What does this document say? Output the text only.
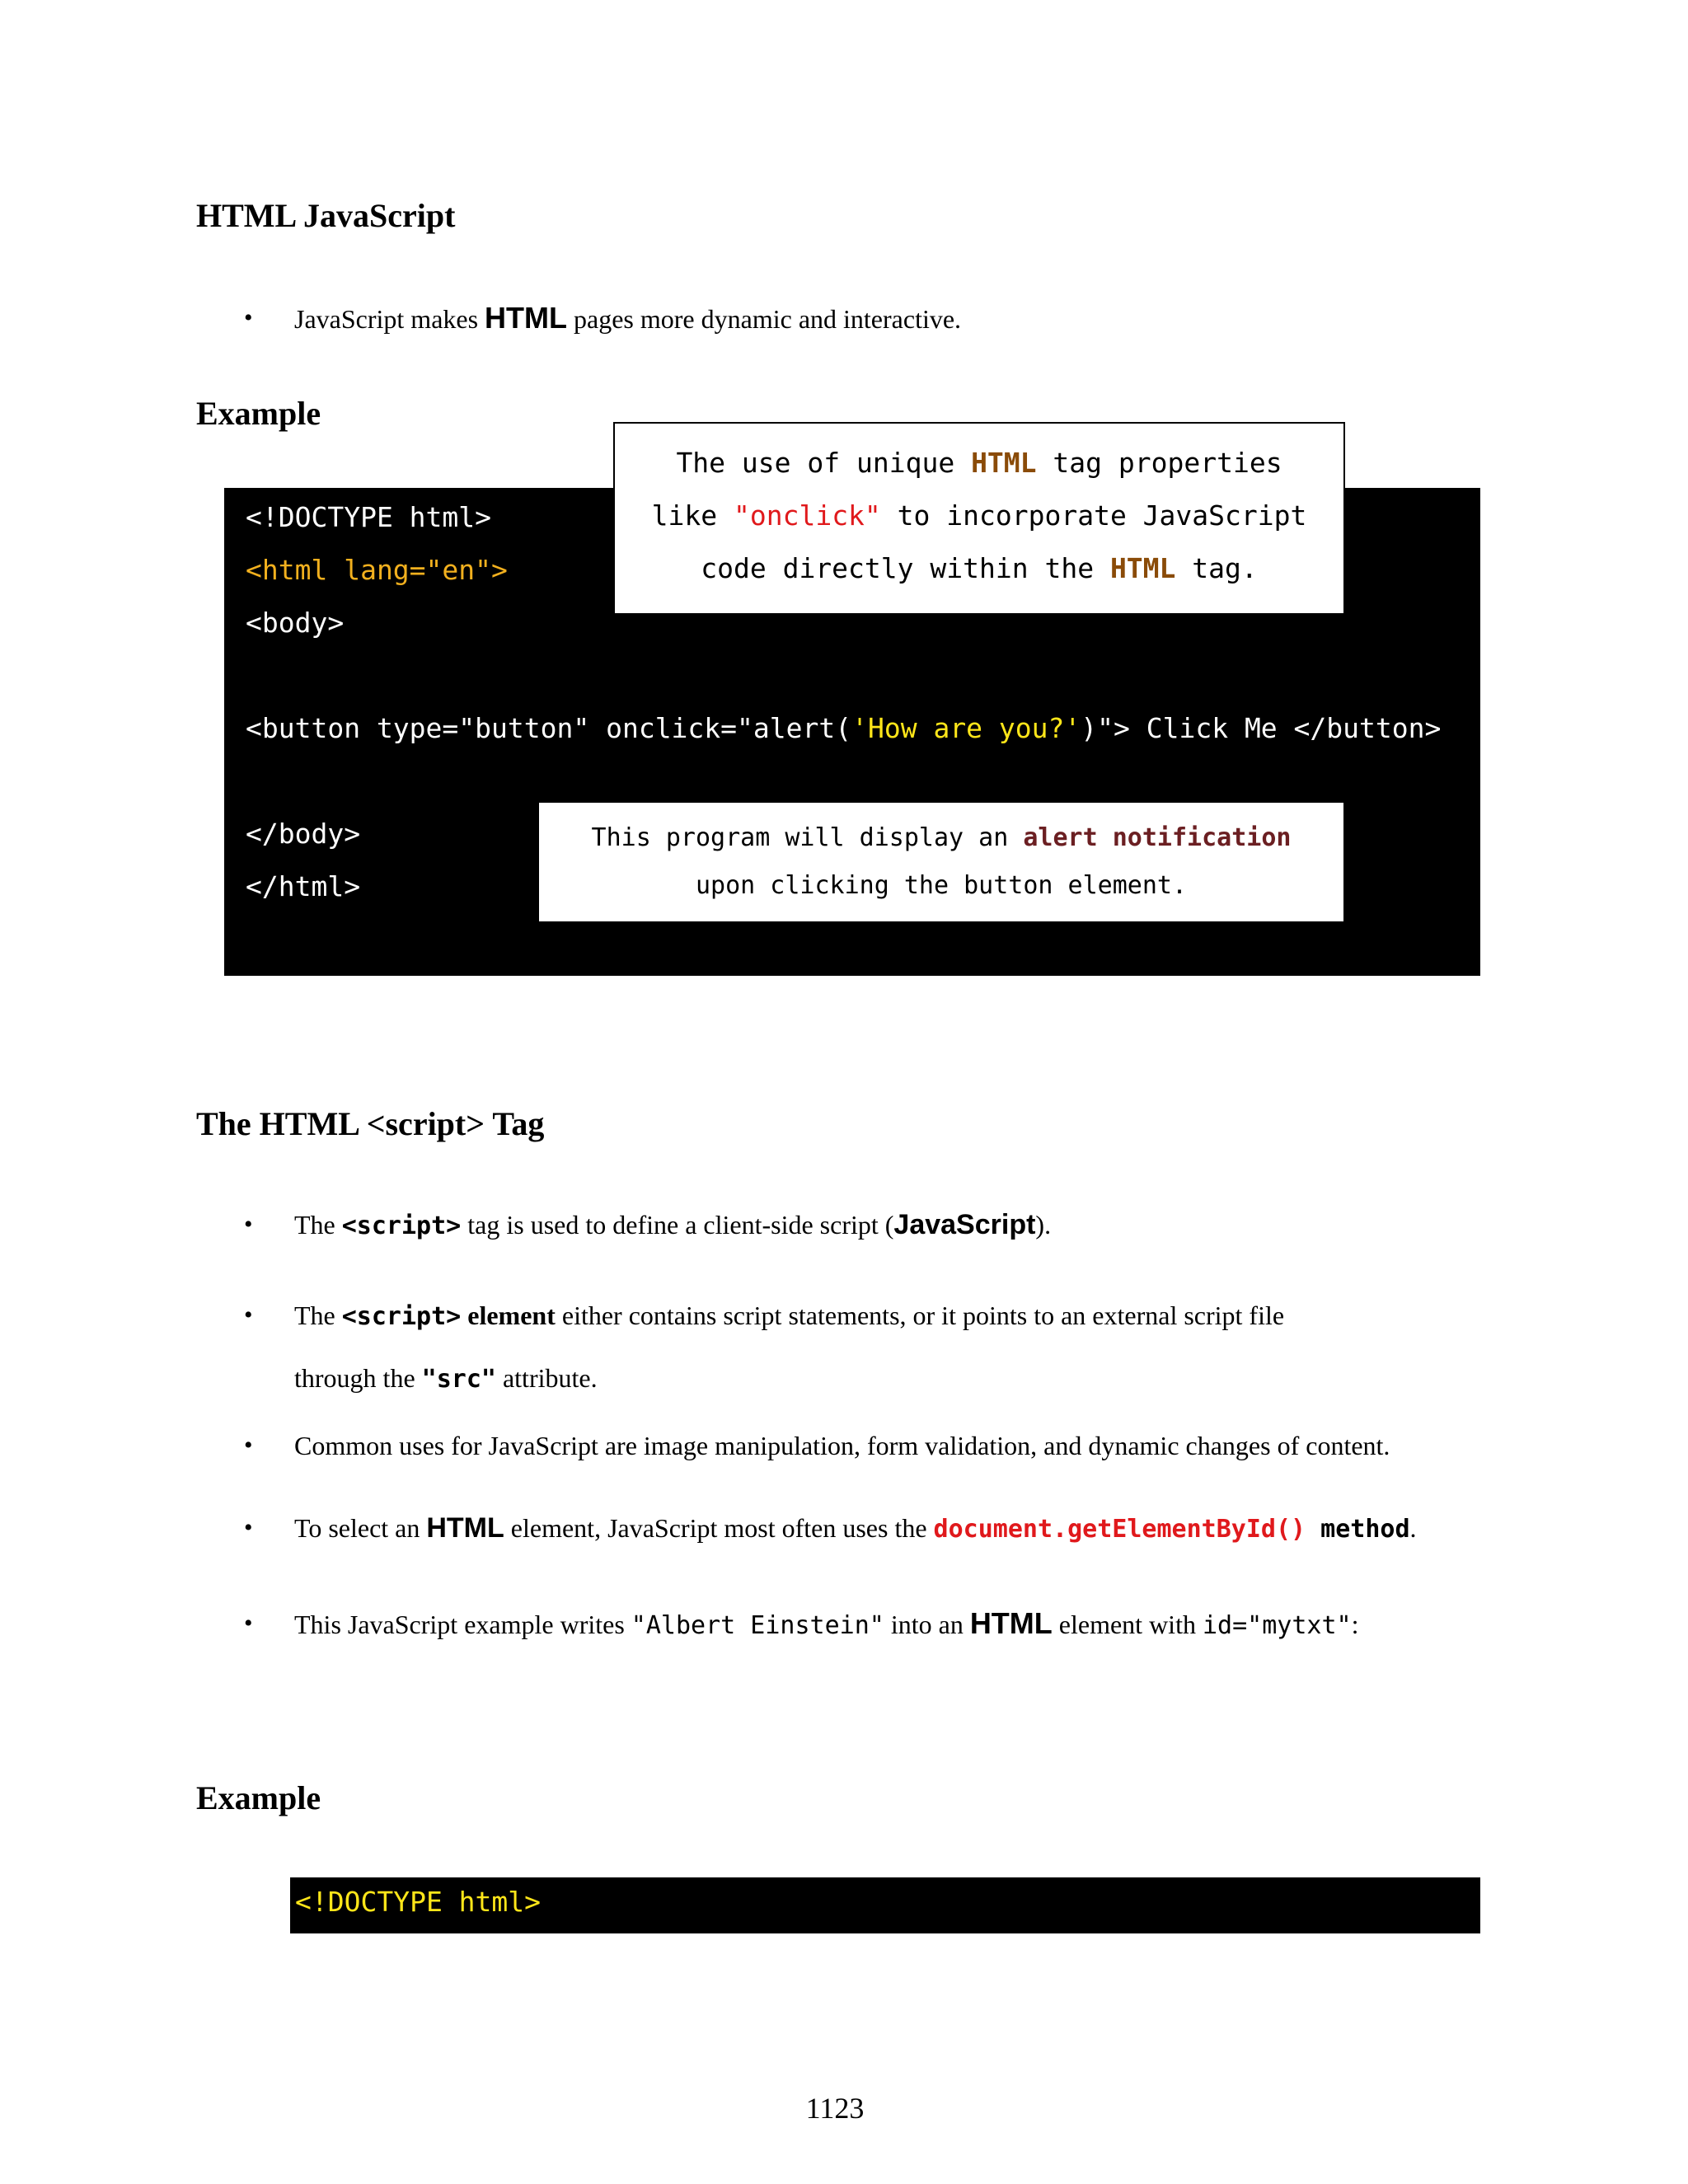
HTML JavaScript
• JavaScript makes HTML pages more dynamic and interactive.
Example
<!DOCTYPE html>
<html lang="en">
<body>
<button type="button" onclick="alert('How are you?')"> Click Me </button>
</body>
</html>
The use of unique HTML tag properties
like "onclick" to incorporate JavaScript
code directly within the HTML tag.
This program will display an alert notification
upon clicking the button element.
The HTML <script> Tag
• The <script> tag is used to define a client-side script (JavaScript).
• The <script> element either contains script statements, or it points to an external script file
through the "src" attribute.
• Common uses for JavaScript are image manipulation, form validation, and dynamic changes of content.
• To select an HTML element, JavaScript most often uses the document.getElementById() method.
• This JavaScript example writes "Albert Einstein" into an HTML element with id="mytxt":
Example
<!DOCTYPE html>
1123
